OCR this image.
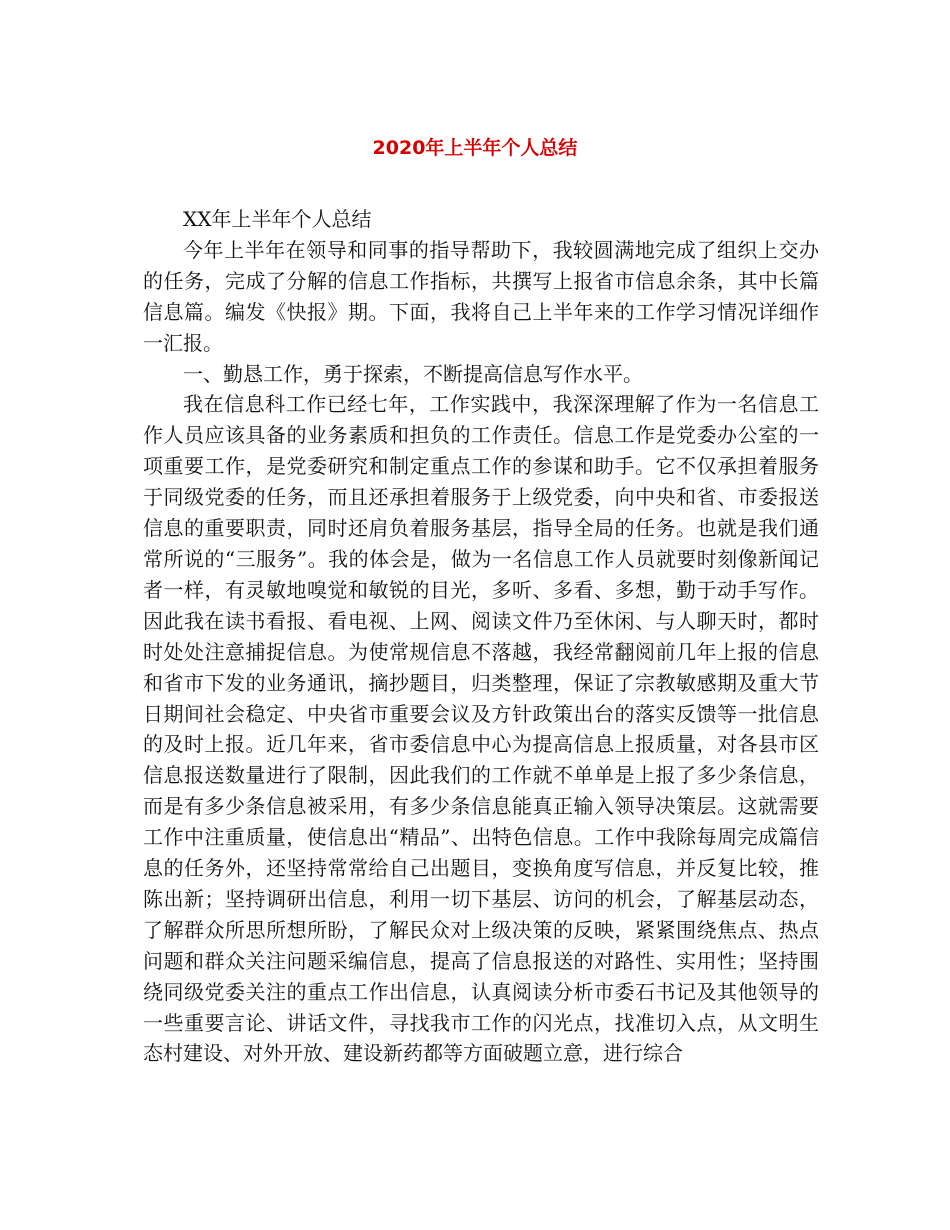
2020年上半年个人总结
XX年上半年个人总结

今年上半年在领导和同事的指导帮助下，我较圆满地完成了组织上交办的任务，完成了分解的信息工作指标，共撰写上报省市信息余条，其中长篇信息篇。编发《快报》期。下面，我将自己上半年来的工作学习情况详细作一汇报。

一、勤恳工作，勇于探索，不断提高信息写作水平。

我在信息科工作已经七年，工作实践中，我深深理解了作为一名信息工作人员应该具备的业务素质和担负的工作责任。信息工作是党委办公室的一项重要工作，是党委研究和制定重点工作的参谋和助手。它不仅承担着服务于同级党委的任务，而且还承担着服务于上级党委，向中央和省、市委报送信息的重要职责，同时还肩负着服务基层，指导全局的任务。也就是我们通常所说的“三服务”。我的体会是，做为一名信息工作人员就要时刻像新闻记者一样，有灵敏地嗅觉和敏锐的目光，多听、多看、多想，勤于动手写作。因此我在读书看报、看电视、上网、阅读文件乃至休闲、与人聊天时，都时时处处注意捕捉信息。为使常规信息不落越，我经常翻阅前几年上报的信息和省市下发的业务通讯，摘抄题目，归类整理，保证了宗教敏感期及重大节日期间社会稳定、中央省市重要会议及方针政策出台的落实反馈等一批信息的及时上报。近几年来，省市委信息中心为提高信息上报质量，对各县市区信息报送数量进行了限制，因此我们的工作就不单单是上报了多少条信息，而是有多少条信息被采用，有多少条信息能真正输入领导决策层。这就需要工作中注重质量，使信息出“精品”、出特色信息。工作中我除每周完成篇信息的任务外，还坚持常常给自己出题目，变换角度写信息，并反复比较，推陈出新；坚持调研出信息，利用一切下基层、访问的机会，了解基层动态，了解群众所思所想所盼，了解民众对上级决策的反映，紧紧围绕焦点、热点问题和群众关注问题采编信息，提高了信息报送的对路性、实用性；坚持围绕同级党委关注的重点工作出信息，认真阅读分析市委石书记及其他领导的一些重要言论、讲话文件，寻找我市工作的闪光点，找准切入点，从文明生态村建设、对外开放、建设新药都等方面破题立意，进行综合
